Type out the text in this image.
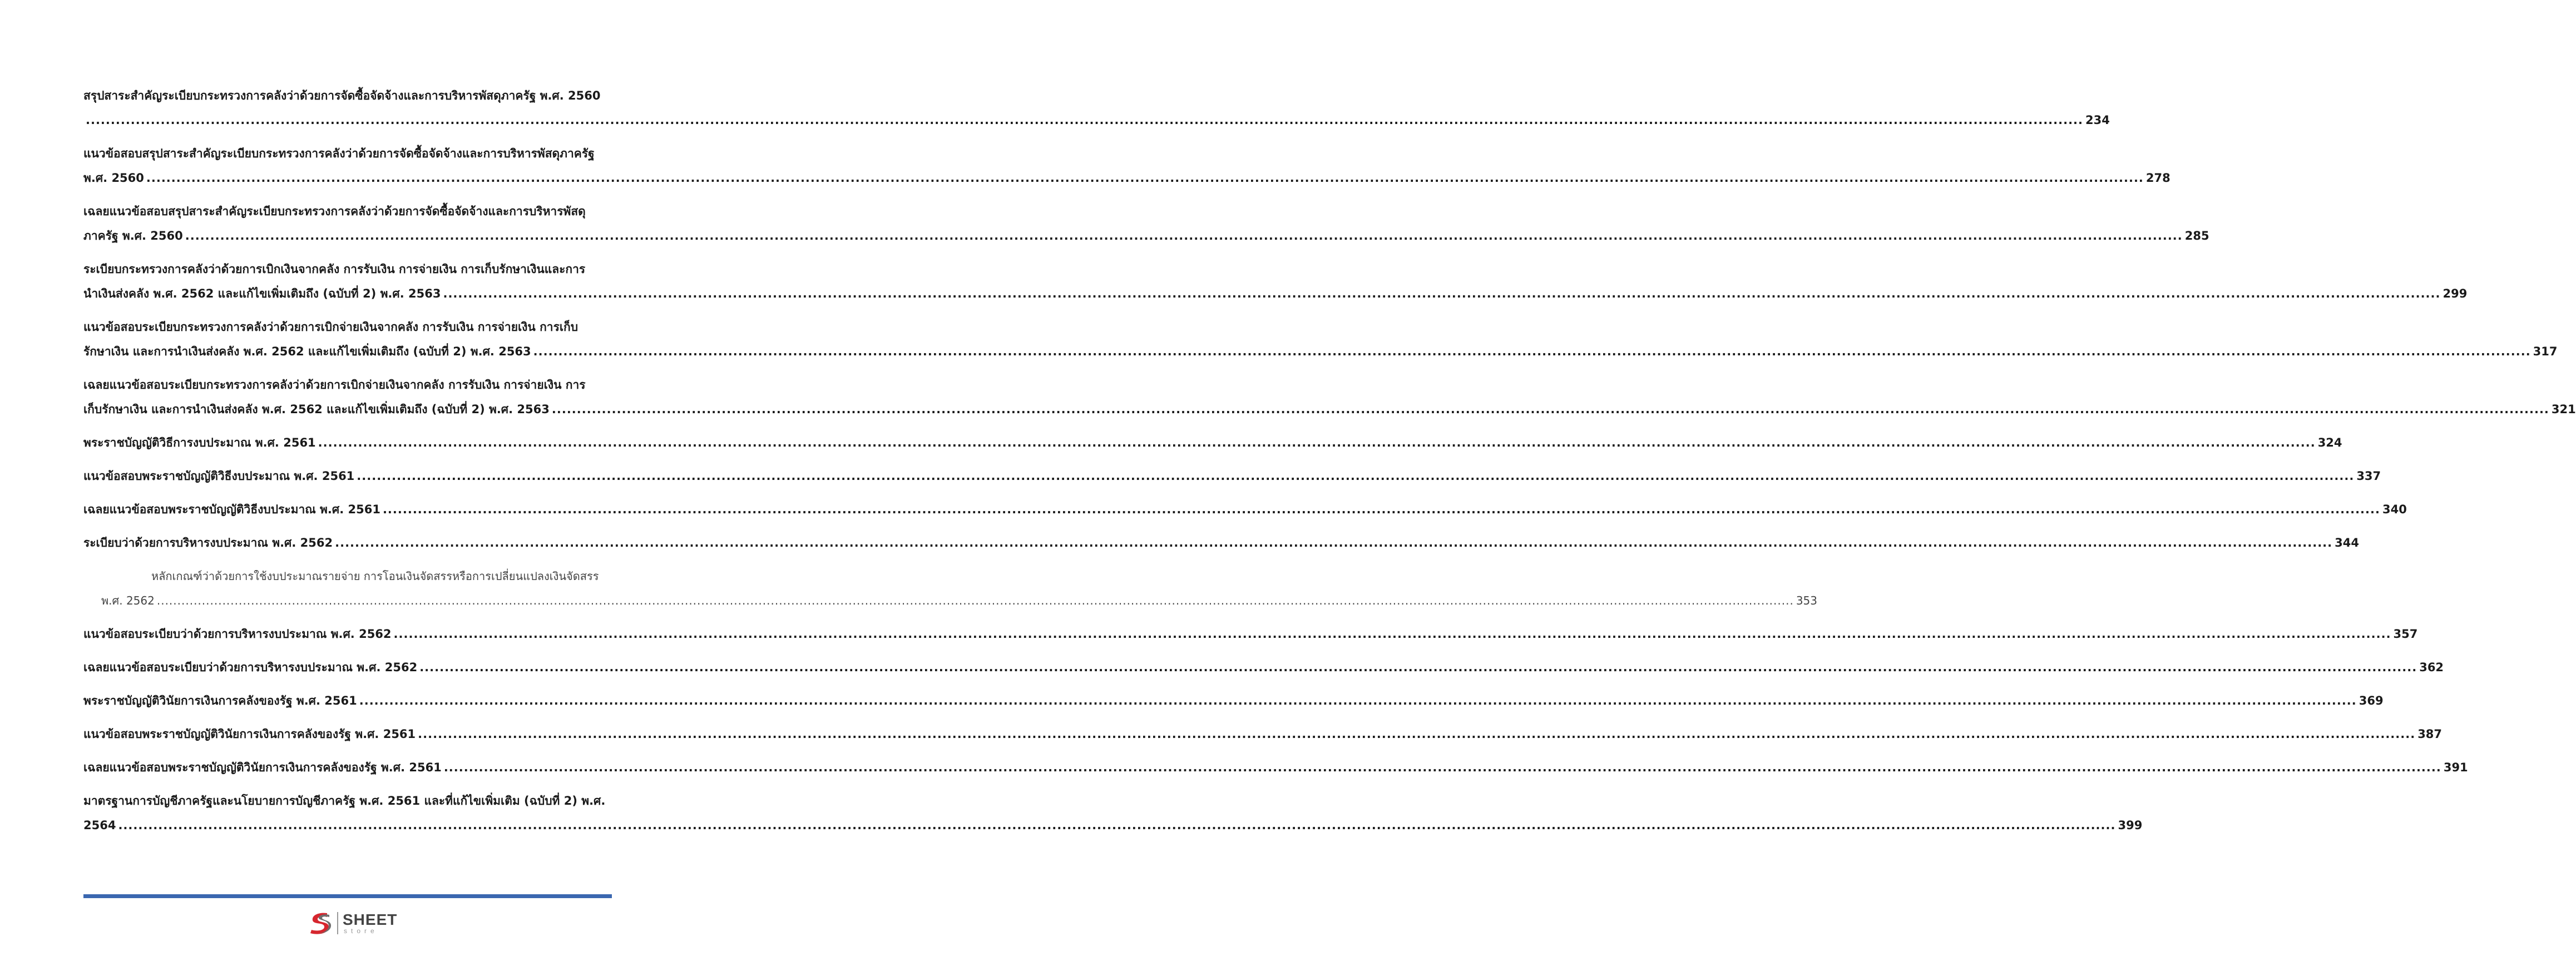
สรุปสาระสำคัญระเบียบกระทรวงการคลังว่าด้วยการจัดซื้อจัดจ้างและการบริหารพัสดุภาครัฐ พ.ศ. 2560
................................................................................................................................................................................................................................................................................................................................................................................................................ 234
แนวข้อสอบสรุปสาระสำคัญระเบียบกระทรวงการคลังว่าด้วยการจัดซื้อจัดจ้างและการบริหารพัสดุภาครัฐ
พ.ศ. 2560 ................................................................................................................................................................................................................................................................................................................................................................................................................ 278
เฉลยแนวข้อสอบสรุปสาระสำคัญระเบียบกระทรวงการคลังว่าด้วยการจัดซื้อจัดจ้างและการบริหารพัสดุ
ภาครัฐ พ.ศ. 2560 ................................................................................................................................................................................................................................................................................................................................................................................................................ 285
ระเบียบกระทรวงการคลังว่าด้วยการเบิกเงินจากคลัง การรับเงิน การจ่ายเงิน การเก็บรักษาเงินและการ
นำเงินส่งคลัง พ.ศ. 2562 และแก้ไขเพิ่มเติมถึง (ฉบับที่ 2) พ.ศ. 2563 ................................................................................................................................................................................................................................................................................................................................................................................................................ 299
แนวข้อสอบระเบียบกระทรวงการคลังว่าด้วยการเบิกจ่ายเงินจากคลัง การรับเงิน การจ่ายเงิน การเก็บ
รักษาเงิน และการนำเงินส่งคลัง พ.ศ. 2562 และแก้ไขเพิ่มเติมถึง (ฉบับที่ 2) พ.ศ. 2563 ................................................................................................................................................................................................................................................................................................................................................................................................................ 317
เฉลยแนวข้อสอบระเบียบกระทรวงการคลังว่าด้วยการเบิกจ่ายเงินจากคลัง การรับเงิน การจ่ายเงิน การ
เก็บรักษาเงิน และการนำเงินส่งคลัง พ.ศ. 2562 และแก้ไขเพิ่มเติมถึง (ฉบับที่ 2) พ.ศ. 2563 ................................................................................................................................................................................................................................................................................................................................................................................................................ 321
พระราชบัญญัติวิธีการงบประมาณ พ.ศ. 2561 ................................................................................................................................................................................................................................................................................................................................................................................................................ 324
แนวข้อสอบพระราชบัญญัติวิธีงบประมาณ พ.ศ. 2561 ................................................................................................................................................................................................................................................................................................................................................................................................................ 337
เฉลยแนวข้อสอบพระราชบัญญัติวิธีงบประมาณ พ.ศ. 2561 ................................................................................................................................................................................................................................................................................................................................................................................................................ 340
ระเบียบว่าด้วยการบริหารงบประมาณ พ.ศ. 2562 ................................................................................................................................................................................................................................................................................................................................................................................................................ 344
หลักเกณฑ์ว่าด้วยการใช้งบประมาณรายจ่าย การโอนเงินจัดสรรหรือการเปลี่ยนแปลงเงินจัดสรร
พ.ศ. 2562 ................................................................................................................................................................................................................................................................................................................................................................................................................ 353
แนวข้อสอบระเบียบว่าด้วยการบริหารงบประมาณ พ.ศ. 2562 ................................................................................................................................................................................................................................................................................................................................................................................................................ 357
เฉลยแนวข้อสอบระเบียบว่าด้วยการบริหารงบประมาณ พ.ศ. 2562 ................................................................................................................................................................................................................................................................................................................................................................................................................ 362
พระราชบัญญัติวินัยการเงินการคลังของรัฐ พ.ศ. 2561 ................................................................................................................................................................................................................................................................................................................................................................................................................ 369
แนวข้อสอบพระราชบัญญัติวินัยการเงินการคลังของรัฐ พ.ศ. 2561 ................................................................................................................................................................................................................................................................................................................................................................................................................ 387
เฉลยแนวข้อสอบพระราชบัญญัติวินัยการเงินการคลังของรัฐ พ.ศ. 2561 ................................................................................................................................................................................................................................................................................................................................................................................................................ 391
มาตรฐานการบัญชีภาครัฐและนโยบายการบัญชีภาครัฐ พ.ศ. 2561 และที่แก้ไขเพิ่มเติม (ฉบับที่ 2) พ.ศ.
2564 ................................................................................................................................................................................................................................................................................................................................................................................................................ 399
SHEET
store
